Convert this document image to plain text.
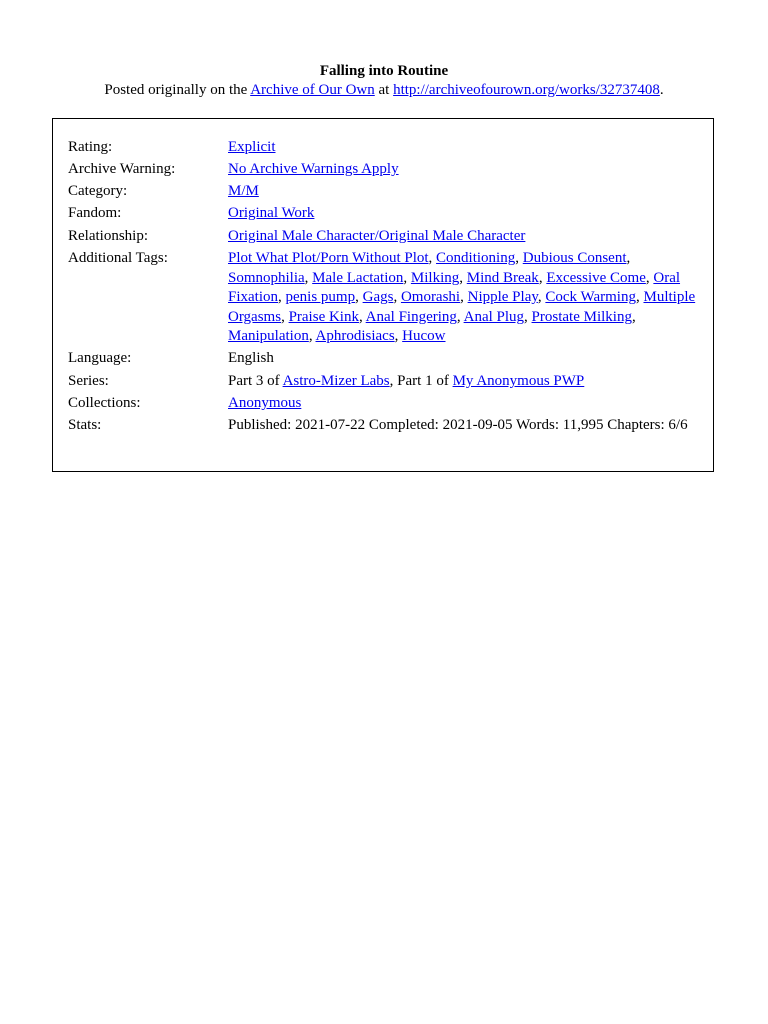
Falling into Routine
Posted originally on the Archive of Our Own at http://archiveofourown.org/works/32737408.
Rating:	Explicit
Archive Warning:	No Archive Warnings Apply
Category:	M/M
Fandom:	Original Work
Relationship:	Original Male Character/Original Male Character
Additional Tags:	Plot What Plot/Porn Without Plot, Conditioning, Dubious Consent, Somnophilia, Male Lactation, Milking, Mind Break, Excessive Come, Oral Fixation, penis pump, Gags, Omorashi, Nipple Play, Cock Warming, Multiple Orgasms, Praise Kink, Anal Fingering, Anal Plug, Prostate Milking, Manipulation, Aphrodisiacs, Hucow
Language:	English
Series:	Part 3 of Astro-Mizer Labs, Part 1 of My Anonymous PWP
Collections:	Anonymous
Stats:	Published: 2021-07-22 Completed: 2021-09-05 Words: 11,995 Chapters: 6/6
